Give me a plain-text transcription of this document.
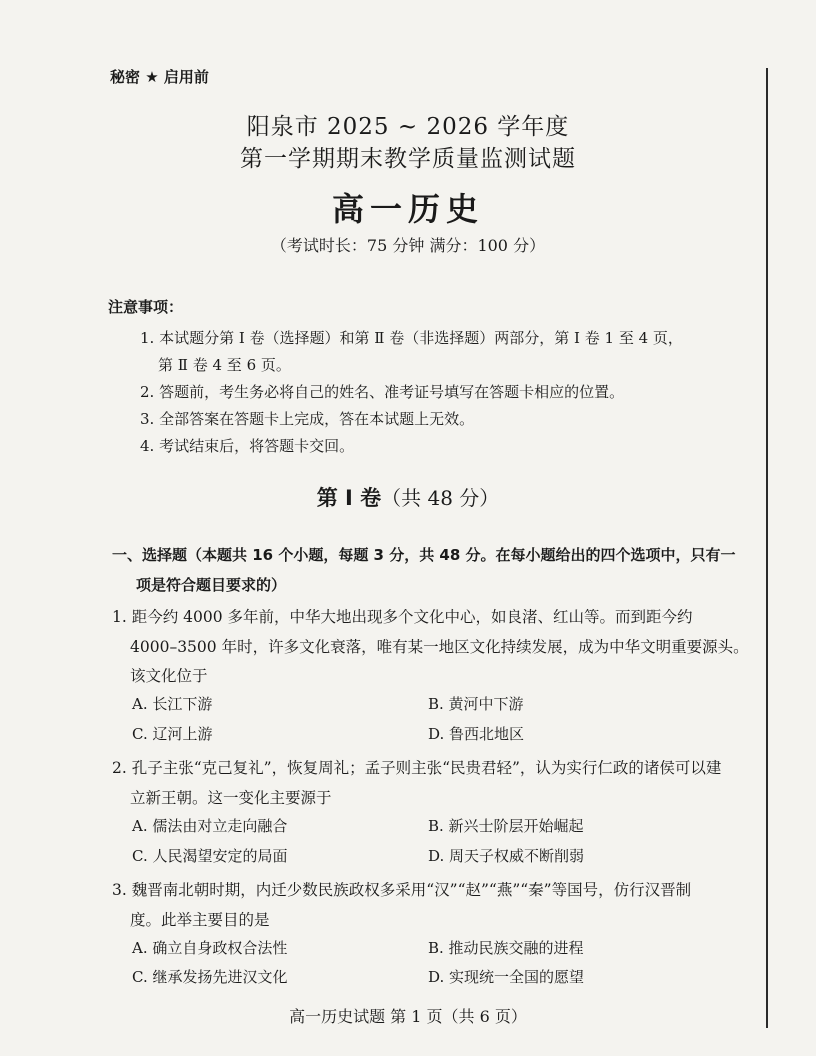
秘密 ★ 启用前
阳泉市 2025 ~ 2026 学年度
第一学期期末教学质量监测试题
高一历史
（考试时长：75 分钟 满分：100 分）
注意事项：
1. 本试题分第 Ⅰ 卷（选择题）和第 Ⅱ 卷（非选择题）两部分，第 Ⅰ 卷 1 至 4 页，
第 Ⅱ 卷 4 至 6 页。
2. 答题前，考生务必将自己的姓名、准考证号填写在答题卡相应的位置。
3. 全部答案在答题卡上完成，答在本试题上无效。
4. 考试结束后，将答题卡交回。
第 Ⅰ 卷（共 48 分）
一、选择题（本题共 16 个小题，每题 3 分，共 48 分。在每小题给出的四个选项中，只有一
项是符合题目要求的）
1. 距今约 4000 多年前，中华大地出现多个文化中心，如良渚、红山等。而到距今约
4000–3500 年时，许多文化衰落，唯有某一地区文化持续发展，成为中华文明重要源头。
该文化位于
A. 长江下游	B. 黄河中下游
C. 辽河上游	D. 鲁西北地区
2. 孔子主张“克己复礼”，恢复周礼；孟子则主张“民贵君轻”，认为实行仁政的诸侯可以建
立新王朝。这一变化主要源于
A. 儒法由对立走向融合	B. 新兴士阶层开始崛起
C. 人民渴望安定的局面	D. 周天子权威不断削弱
3. 魏晋南北朝时期，内迁少数民族政权多采用“汉”“赵”“燕”“秦”等国号，仿行汉晋制
度。此举主要目的是
A. 确立自身政权合法性	B. 推动民族交融的进程
C. 继承发扬先进汉文化	D. 实现统一全国的愿望
高一历史试题 第 1 页（共 6 页）
